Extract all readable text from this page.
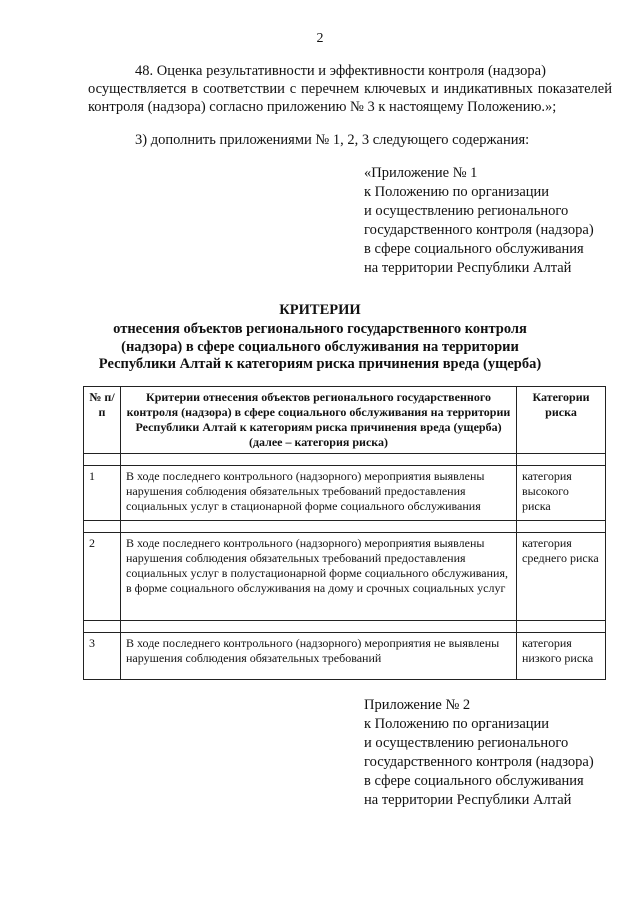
2
48. Оценка результативности и эффективности контроля (надзора)
осуществляется в соответствии с перечнем ключевых и индикативных показателей контроля (надзора) согласно приложению № 3 к настоящему Положению.»;
3) дополнить приложениями № 1, 2, 3 следующего содержания:
«Приложение № 1
к Положению по организации
и осуществлению регионального
государственного контроля (надзора)
в сфере социального обслуживания
на территории Республики Алтай
КРИТЕРИИ
отнесения объектов регионального государственного контроля (надзора) в сфере социального обслуживания на территории Республики Алтай к категориям риска причинения вреда (ущерба)
№ п/п	Критерии отнесения объектов регионального государственного контроля (надзора) в сфере социального обслуживания на территории Республики Алтай к категориям риска причинения вреда (ущерба) (далее – категория риска)	Категории риска

1	В ходе последнего контрольного (надзорного) мероприятия выявлены нарушения соблюдения обязательных требований предоставления социальных услуг в стационарной форме социального обслуживания	категория высокого риска

2	В ходе последнего контрольного (надзорного) мероприятия выявлены нарушения соблюдения обязательных требований предоставления социальных услуг в полустационарной форме социального обслуживания, в форме социального обслуживания на дому и срочных социальных услуг	категория среднего риска

3	В ходе последнего контрольного (надзорного) мероприятия не выявлены нарушения соблюдения обязательных требований	категория низкого риска
Приложение № 2
к Положению по организации
и осуществлению регионального
государственного контроля (надзора)
в сфере социального обслуживания
на территории Республики Алтай
